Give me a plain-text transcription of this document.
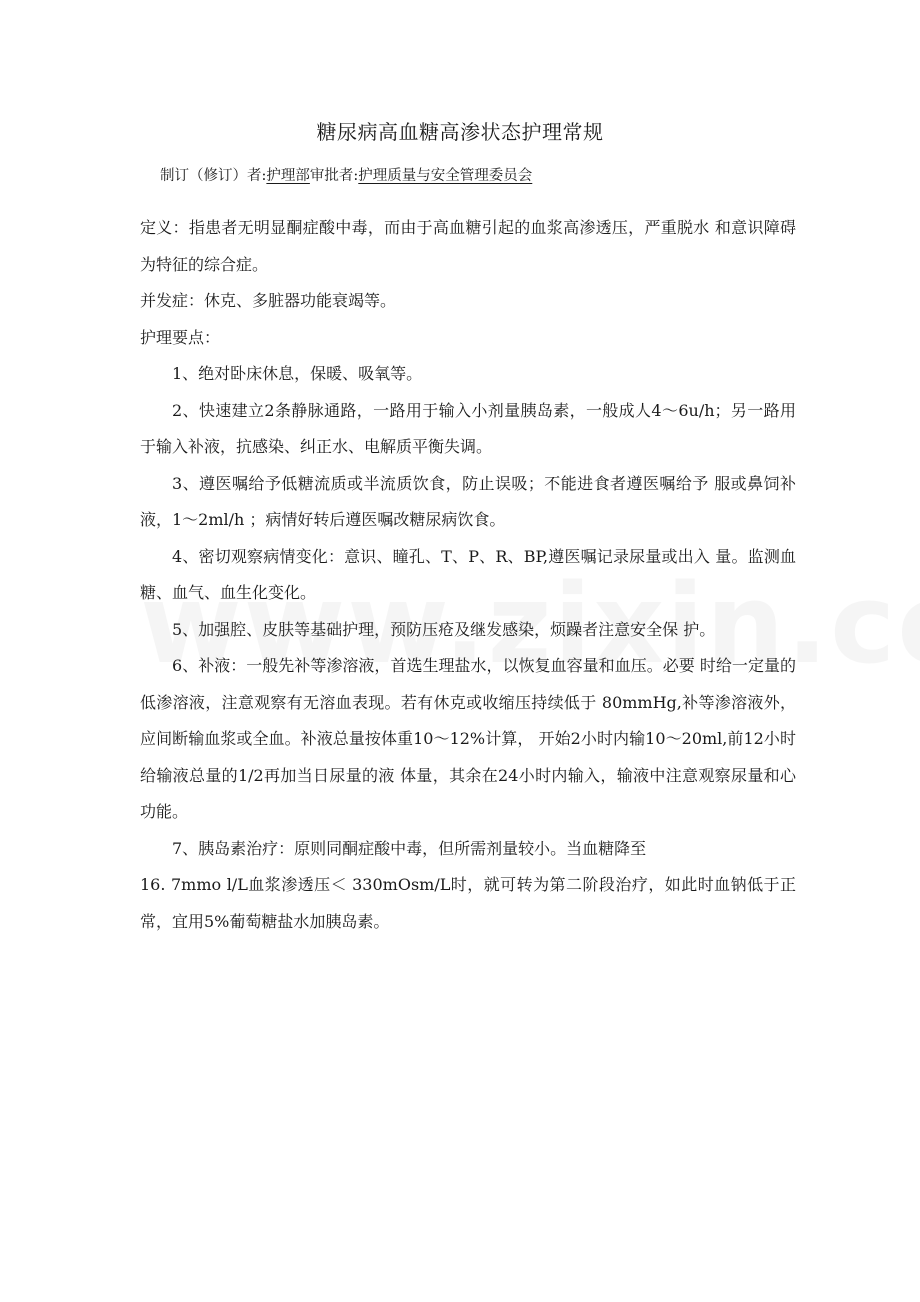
糖尿病高血糖高渗状态护理常规
制订（修订）者:护理部审批者:护理质量与安全管理委员会

定义：指患者无明显酮症酸中毒，而由于高血糖引起的血浆高渗透压，严重脱水 和意识障碍为特征的综合症。

并发症：休克、多脏器功能衰竭等。

护理要点：

1、绝对卧床休息，保暖、吸氧等。

2、快速建立2条静脉通路，一路用于输入小剂量胰岛素，一般成人4～6u/h；另一路用于输入补液，抗感染、纠正水、电解质平衡失调。

3、遵医嘱给予低糖流质或半流质饮食，防止误吸；不能进食者遵医嘱给予 服或鼻饲补液，1～2ml/h ；病情好转后遵医嘱改糖尿病饮食。

4、密切观察病情变化：意识、瞳孔、T、P、R、BP,遵医嘱记录尿量或出入 量。监测血糖、血气、血生化变化。

5、加强腔、皮肤等基础护理，预防压疮及继发感染，烦躁者注意安全保 护。

6、补液：一般先补等渗溶液，首选生理盐水，以恢复血容量和血压。必要 时给一定量的低渗溶液，注意观察有无溶血表现。若有休克或收缩压持续低于 80mmHg,补等渗溶液外，应间断输血浆或全血。补液总量按体重10～12%计算， 开始2小时内输10～20ml,前12小时给输液总量的1/2再加当日尿量的液 体量，其余在24小时内输入，输液中注意观察尿量和心功能。

7、胰岛素治疗：原则同酮症酸中毒，但所需剂量较小。当血糖降至

16. 7mmo l/L血浆渗透压＜ 330mOsm/L时，就可转为第二阶段治疗，如此时血钠低于正常，宜用5%葡萄糖盐水加胰岛素。
